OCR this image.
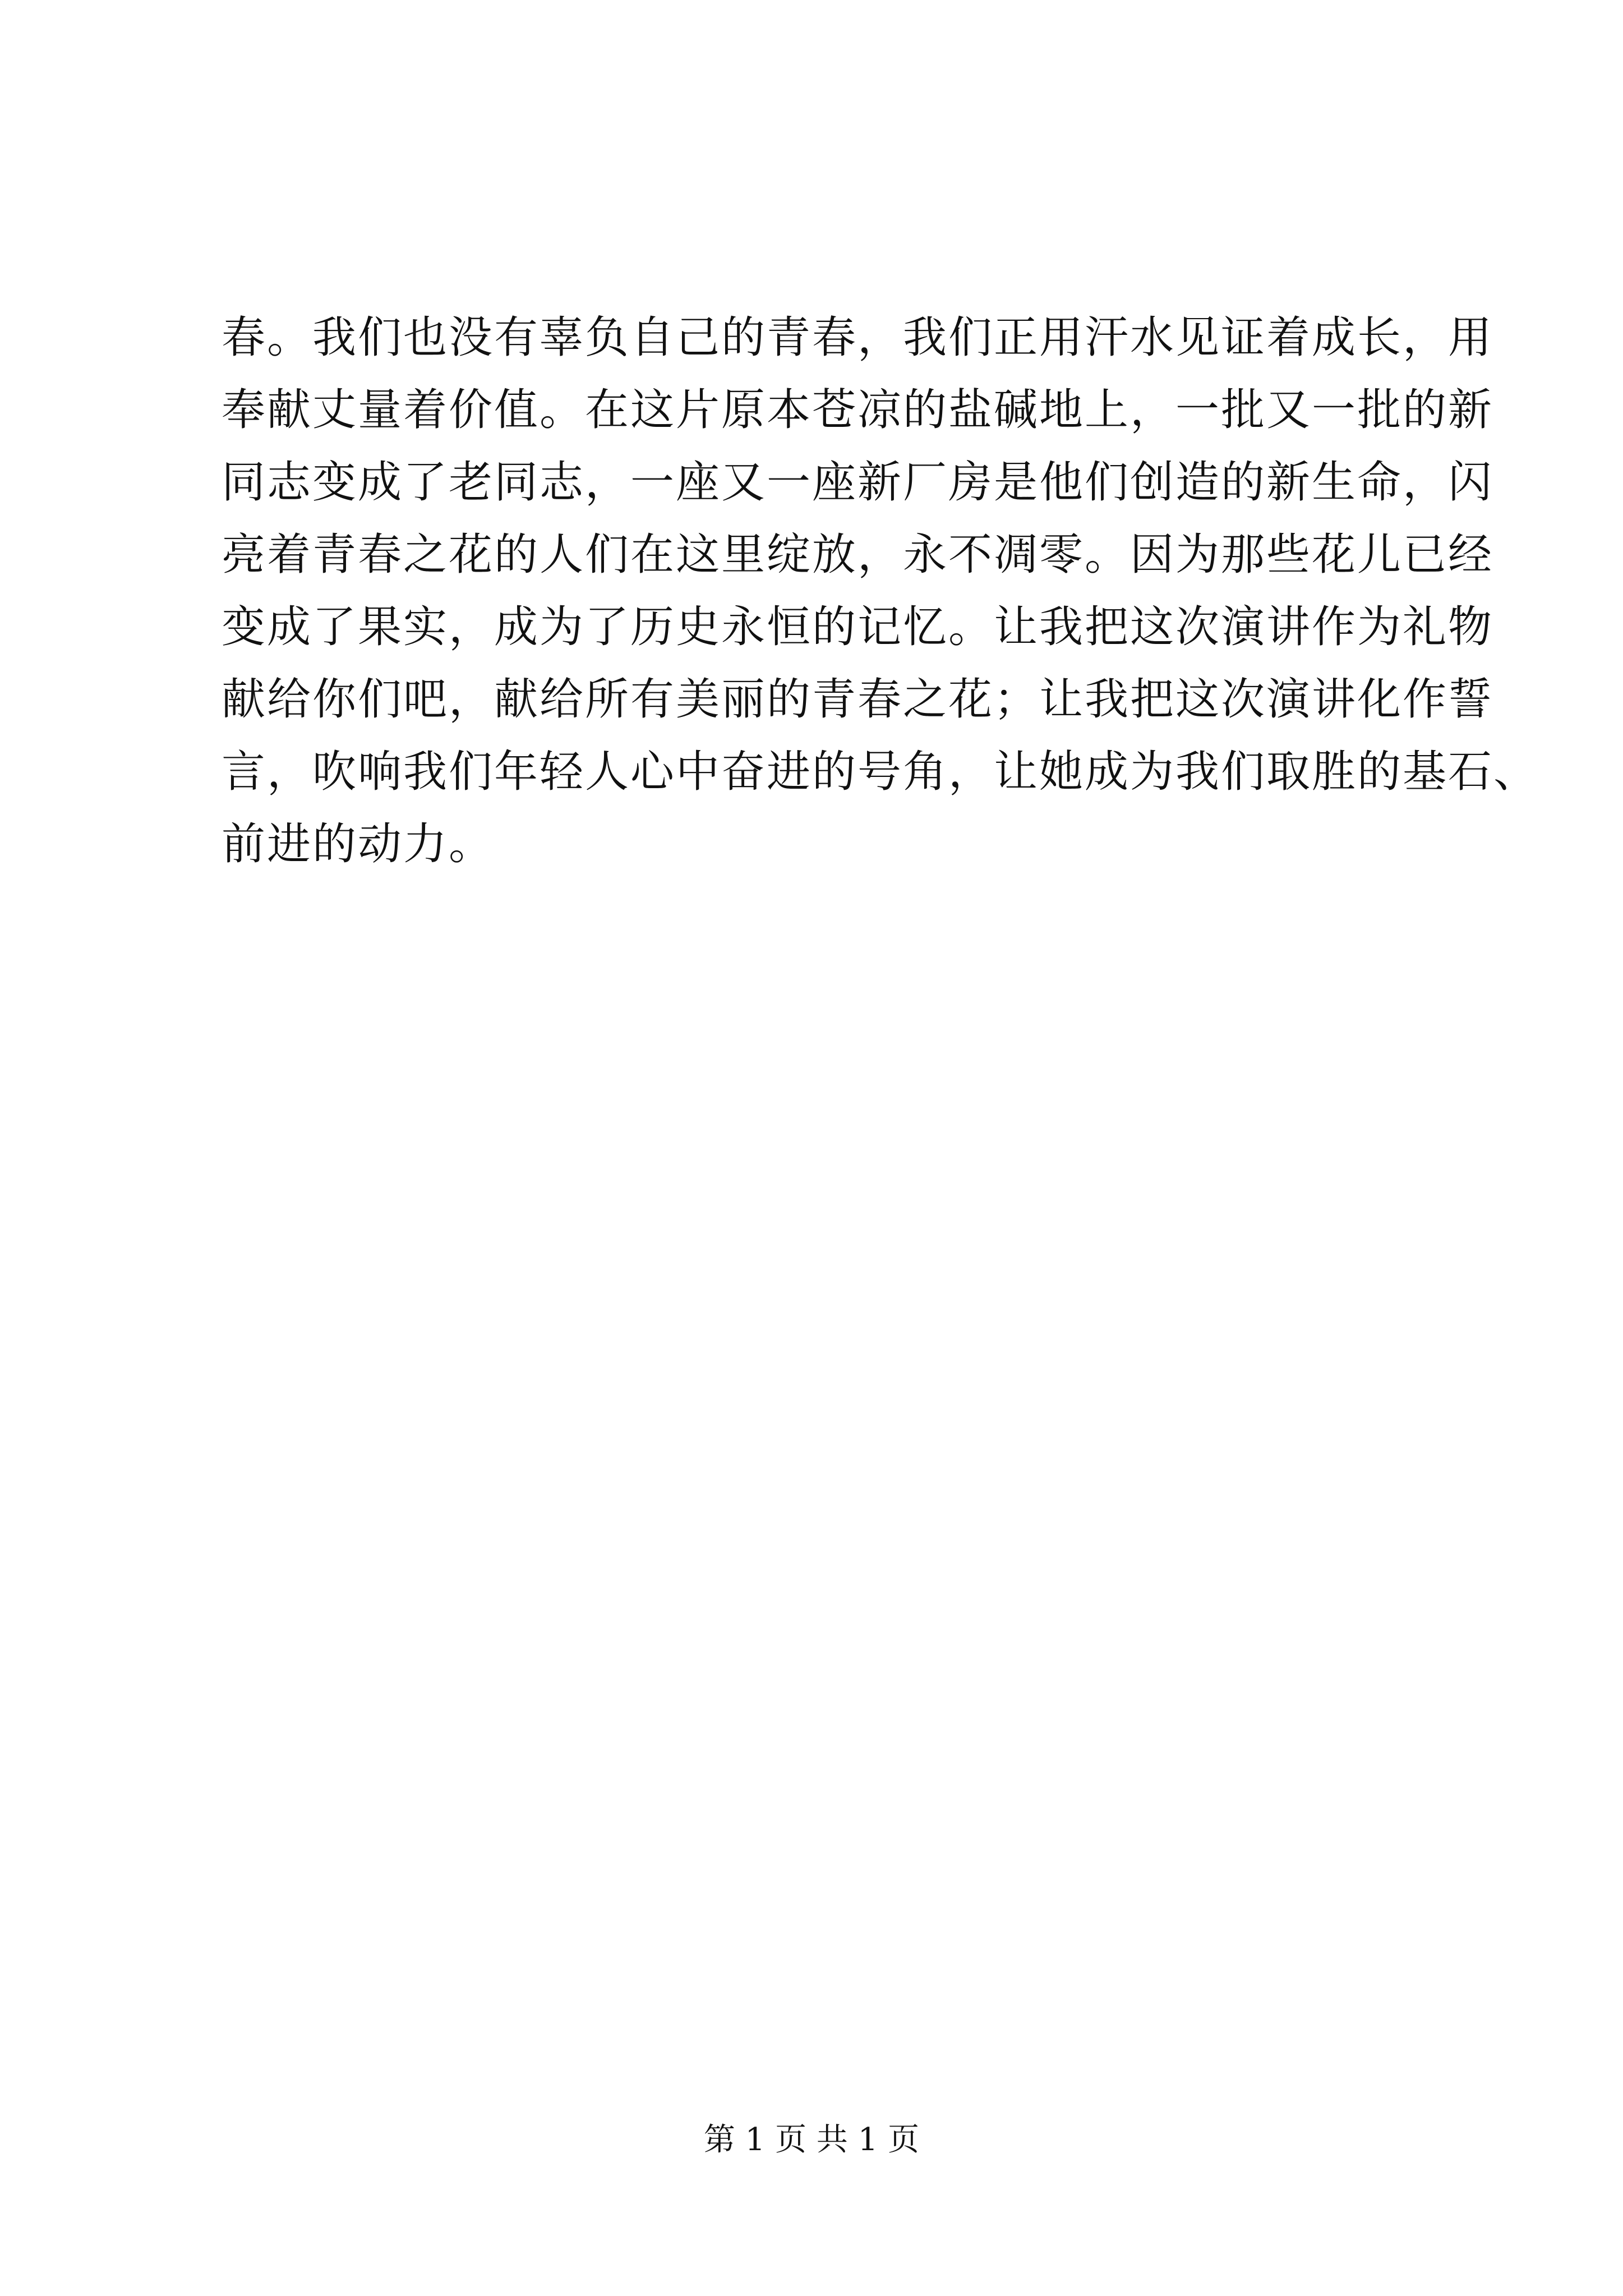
春。我们也没有辜负自己的青春，我们正用汗水见证着成长，用
奉献丈量着价值。在这片原本苍凉的盐碱地上，一批又一批的新
同志变成了老同志，一座又一座新厂房是他们创造的新生命，闪
亮着青春之花的人们在这里绽放，永不凋零。因为那些花儿已经
变成了果实，成为了历史永恒的记忆。让我把这次演讲作为礼物
献给你们吧，献给所有美丽的青春之花；让我把这次演讲化作誓
言，吹响我们年轻人心中奋进的号角，让她成为我们取胜的基石、
前进的动力。
第 1 页 共 1 页
